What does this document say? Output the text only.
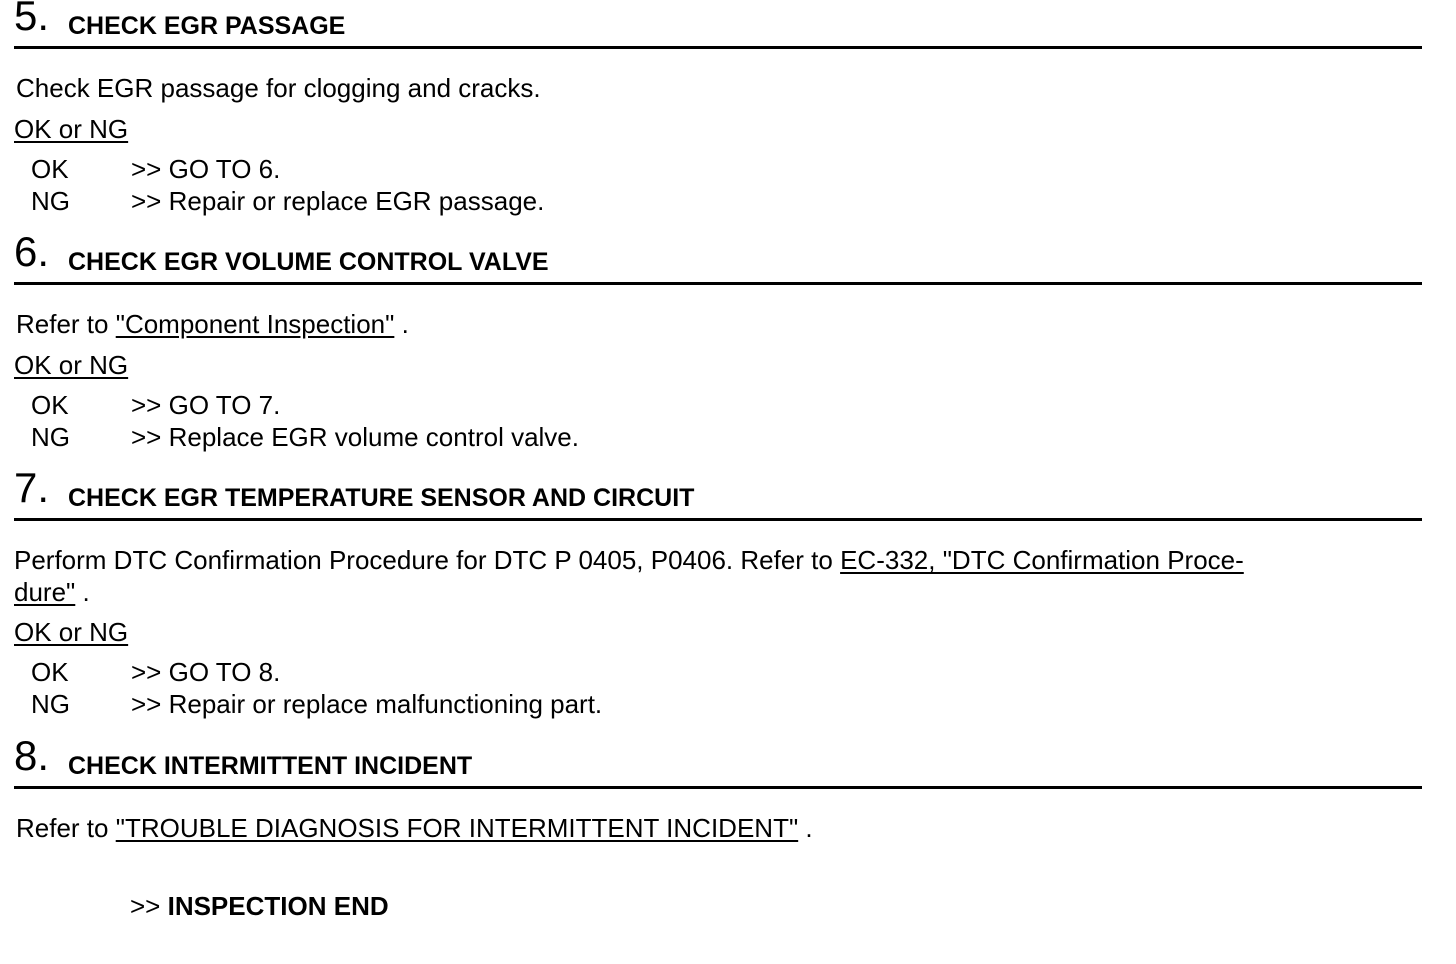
5. CHECK EGR PASSAGE
Check EGR passage for clogging and cracks.
OK or NG
OK >> GO TO 6.
NG >> Repair or replace EGR passage.
6. CHECK EGR VOLUME CONTROL VALVE
Refer to "Component Inspection" .
OK or NG
OK >> GO TO 7.
NG >> Replace EGR volume control valve.
7. CHECK EGR TEMPERATURE SENSOR AND CIRCUIT
Perform DTC Confirmation Procedure for DTC P 0405, P0406. Refer to EC-332, "DTC Confirmation Proce-
dure" .
OK or NG
OK >> GO TO 8.
NG >> Repair or replace malfunctioning part.
8. CHECK INTERMITTENT INCIDENT
Refer to "TROUBLE DIAGNOSIS FOR INTERMITTENT INCIDENT" .
>> INSPECTION END
